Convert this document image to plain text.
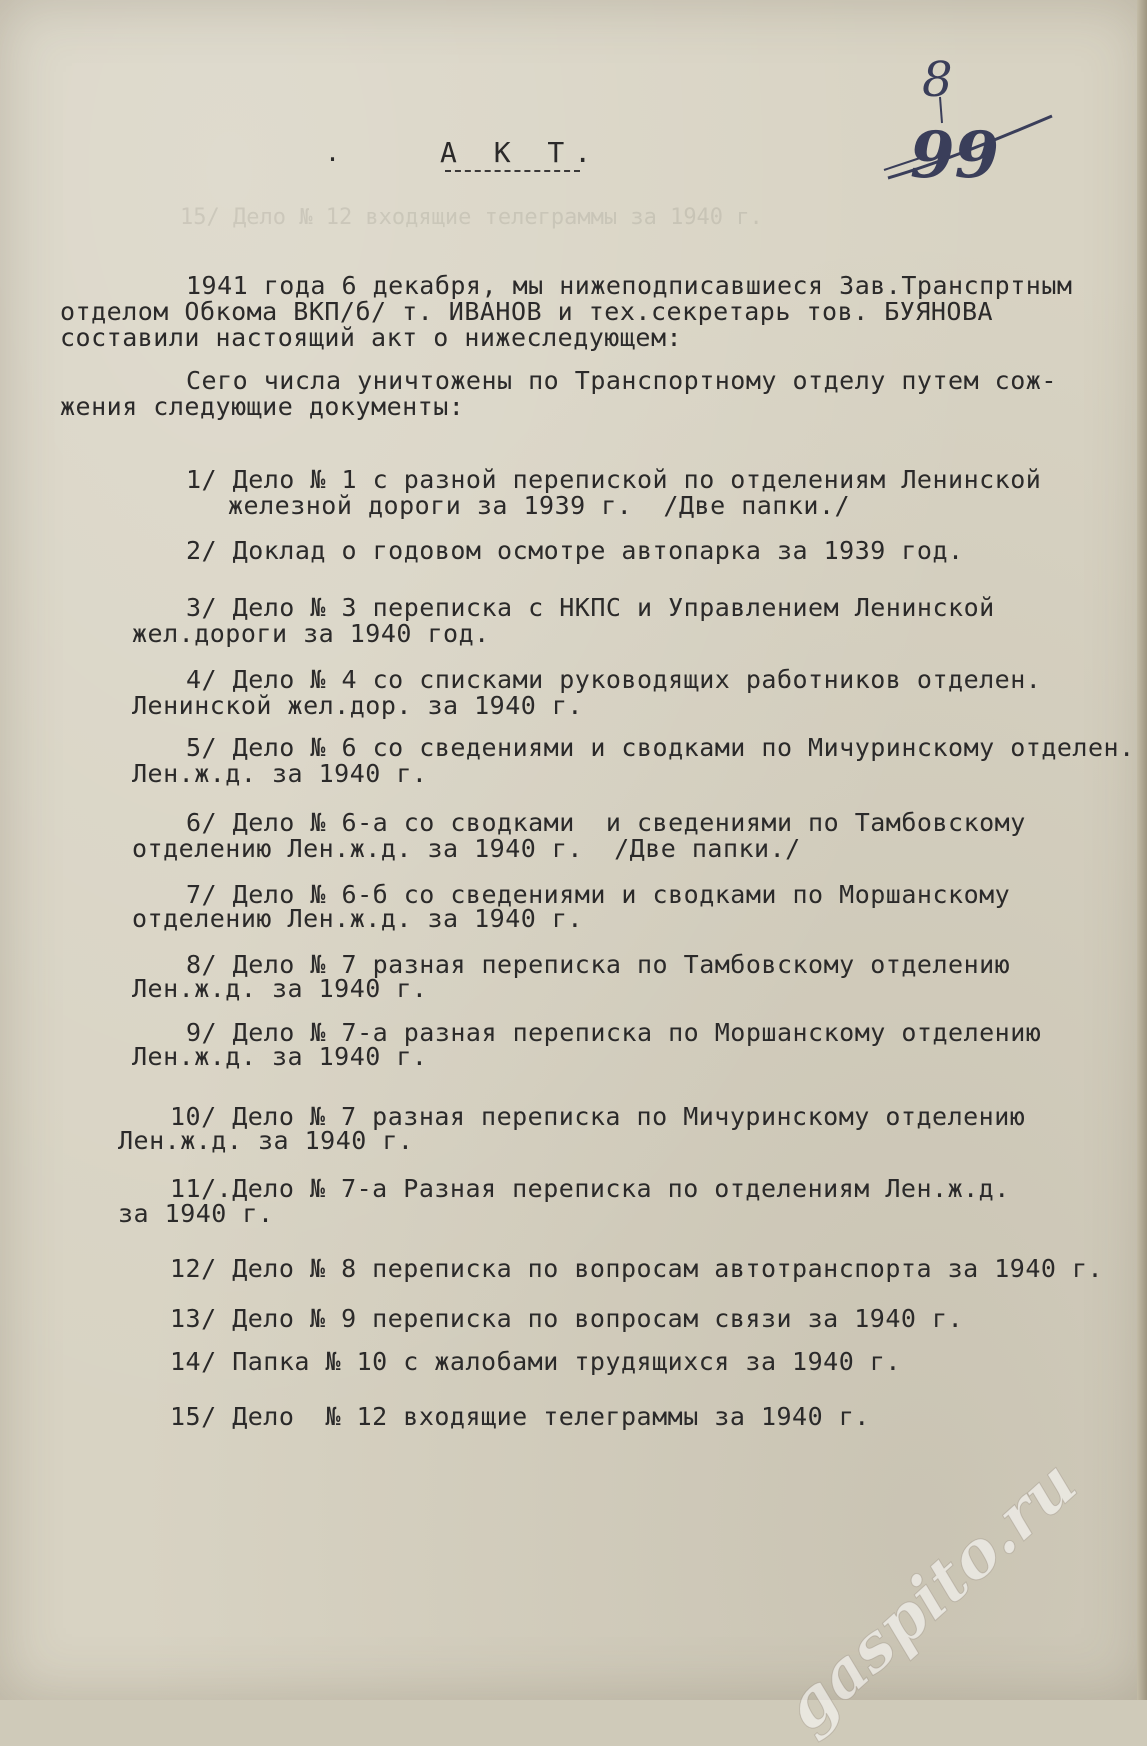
15/ Дело № 12 входящие телеграммы за 1940 г.
8
99
А К Т.
.
1941 года 6 декабря, мы нижеподписавшиеся Зав.Транспртным
отделом Обкома ВКП/б/ т. ИВАНОВ и тех.секретарь тов. БУЯНОВА
составили настоящий акт о нижеследующем:
Сего числа уничтожены по Транспортному отделу путем сож-
жения следующие документы:
1/ Дело № 1 с разной перепиской по отделениям Ленинской
железной дороги за 1939 г.  /Две папки./
2/ Доклад о годовом осмотре автопарка за 1939 год.
3/ Дело № 3 переписка с НКПС и Управлением Ленинской
жел.дороги за 1940 год.
4/ Дело № 4 со списками руководящих работников отделен.
Ленинской жел.дор. за 1940 г.
5/ Дело № 6 со сведениями и сводками по Мичуринскому отделен.
Лен.ж.д. за 1940 г.
6/ Дело № 6-а со сводками  и сведениями по Тамбовскому
отделению Лен.ж.д. за 1940 г.  /Две папки./
7/ Дело № 6-б со сведениями и сводками по Моршанскому
отделению Лен.ж.д. за 1940 г.
8/ Дело № 7 разная переписка по Тамбовскому отделению
Лен.ж.д. за 1940 г.
9/ Дело № 7-а разная переписка по Моршанскому отделению
Лен.ж.д. за 1940 г.
10/ Дело № 7 разная переписка по Мичуринскому отделению
Лен.ж.д. за 1940 г.
11/.Дело № 7-а Разная переписка по отделениям Лен.ж.д.
за 1940 г.
12/ Дело № 8 переписка по вопросам автотранспорта за 1940 г.
13/ Дело № 9 переписка по вопросам связи за 1940 г.
14/ Папка № 10 с жалобами трудящихся за 1940 г.
15/ Дело  № 12 входящие телеграммы за 1940 г.
gaspito.ru
